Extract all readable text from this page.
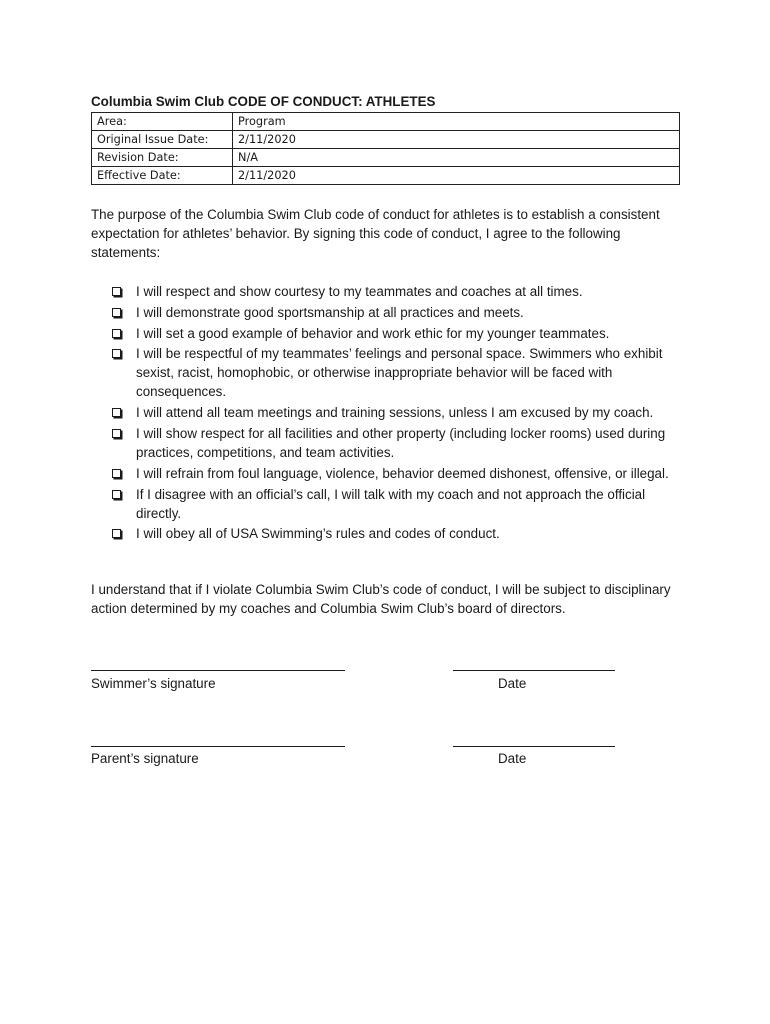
Columbia Swim Club CODE OF CONDUCT: ATHLETES
Area:	Program
Original Issue Date:	2/11/2020
Revision Date:	N/A
Effective Date:	2/11/2020

The purpose of the Columbia Swim Club code of conduct for athletes is to establish a consistent expectation for athletes’ behavior. By signing this code of conduct, I agree to the following statements:

I will respect and show courtesy to my teammates and coaches at all times.
I will demonstrate good sportsmanship at all practices and meets.
I will set a good example of behavior and work ethic for my younger teammates.
I will be respectful of my teammates’ feelings and personal space. Swimmers who exhibit sexist, racist, homophobic, or otherwise inappropriate behavior will be faced with consequences.
I will attend all team meetings and training sessions, unless I am excused by my coach.
I will show respect for all facilities and other property (including locker rooms) used during practices, competitions, and team activities.
I will refrain from foul language, violence, behavior deemed dishonest, offensive, or illegal.
If I disagree with an official’s call, I will talk with my coach and not approach the official directly.
I will obey all of USA Swimming’s rules and codes of conduct.

I understand that if I violate Columbia Swim Club’s code of conduct, I will be subject to disciplinary action determined by my coaches and Columbia Swim Club’s board of directors.

Swimmer’s signature	Date
Parent’s signature	Date
